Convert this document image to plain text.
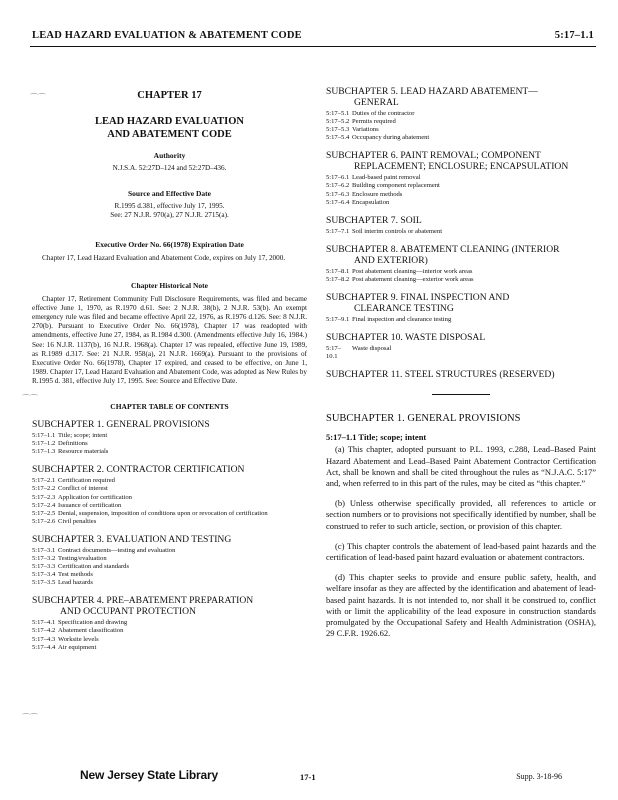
LEAD HAZARD EVALUATION & ABATEMENT CODE	5:17–1.1
⌒⌒
⌒⌒
⌒⌒
CHAPTER 17
LEAD HAZARD EVALUATION
AND ABATEMENT CODE
Authority
N.J.S.A. 52:27D–124 and 52:27D–436.
Source and Effective Date
R.1995 d.381, effective July 17, 1995.
See: 27 N.J.R. 970(a), 27 N.J.R. 2715(a).
Executive Order No. 66(1978) Expiration Date

Chapter 17, Lead Hazard Evaluation and Abatement Code, expires on July 17, 2000.

Chapter Historical Note

Chapter 17, Retirement Community Full Disclosure Requirements, was filed and became effective June 1, 1970, as R.1970 d.61. See: 2 N.J.R. 38(b), 2 N.J.R. 53(b). An exempt emergency rule was filed and became effective April 22, 1976, as R.1976 d.126. See: 8 N.J.R. 270(b). Pursuant to Executive Order No. 66(1978), Chapter 17 was readopted with amendments, effective June 27, 1984, as R.1984 d.300. (Amendments effective July 16, 1984.) See: 16 N.J.R. 1137(b), 16 N.J.R. 1968(a). Chapter 17 was repealed, effective June 19, 1989, as R.1989 d.317. See: 21 N.J.R. 958(a), 21 N.J.R. 1669(a). Pursuant to the provisions of Executive Order No. 66(1978), Chapter 17 expired, and ceased to be effective, on June 1, 1989. Chapter 17, Lead Hazard Evaluation and Abatement Code, was adopted as New Rules by R.1995 d. 381, effective July 17, 1995. See: Source and Effective Date.

CHAPTER TABLE OF CONTENTS
SUBCHAPTER 1. GENERAL PROVISIONS
5:17–1.1 Title; scope; intent
5:17–1.2 Definitions
5:17–1.3 Resource materials
SUBCHAPTER 2. CONTRACTOR CERTIFICATION
5:17–2.1 Certification required
5:17–2.2 Conflict of interest
5:17–2.3 Application for certification
5:17–2.4 Issuance of certification
5:17–2.5 Denial, suspension, imposition of conditions upon or revocation of certification
5:17–2.6 Civil penalties
SUBCHAPTER 3. EVALUATION AND TESTING
5:17–3.1 Contract documents—testing and evaluation
5:17–3.2 Testing/evaluation
5:17–3.3 Certification and standards
5:17–3.4 Test methods
5:17–3.5 Lead hazards
SUBCHAPTER 4. PRE–ABATEMENT PREPARATION
AND OCCUPANT PROTECTION
5:17–4.1 Specification and drawing
5:17–4.2 Abatement classification
5:17–4.3 Worksite levels
5:17–4.4 Air equipment
SUBCHAPTER 5. LEAD HAZARD ABATEMENT—
GENERAL
5:17–5.1 Duties of the contractor
5:17–5.2 Permits required
5:17–5.3 Variations
5:17–5.4 Occupancy during abatement
SUBCHAPTER 6. PAINT REMOVAL; COMPONENT
REPLACEMENT; ENCLOSURE; ENCAPSULATION
5:17–6.1 Lead-based paint removal
5:17–6.2 Building component replacement
5:17–6.3 Enclosure methods
5:17–6.4 Encapsulation
SUBCHAPTER 7. SOIL
5:17–7.1 Soil interim controls or abatement
SUBCHAPTER 8. ABATEMENT CLEANING (INTERIOR
AND EXTERIOR)
5:17–8.1 Post abatement cleaning—interior work areas
5:17–8.2 Post abatement cleaning—exterior work areas
SUBCHAPTER 9. FINAL INSPECTION AND
CLEARANCE TESTING
5:17–9.1 Final inspection and clearance testing
SUBCHAPTER 10. WASTE DISPOSAL
5:17–10.1
Waste disposal
SUBCHAPTER 11. STEEL STRUCTURES (RESERVED)
SUBCHAPTER 1. GENERAL PROVISIONS
5:17–1.1 Title; scope; intent

(a) This chapter, adopted pursuant to P.L. 1993, c.288, Lead–Based Paint Hazard Abatement and Lead–Based Paint Abatement Contractor Certification Act, shall be known and shall be cited throughout the rules as “N.J.A.C. 5:17” and, when referred to in this part of the rules, may be cited as “this chapter.”

(b) Unless otherwise specifically provided, all references to article or section numbers or to provisions not specifically identified by number, shall be construed to refer to such article, section, or provision of this chapter.

(c) This chapter controls the abatement of lead-based paint hazards and the certification of lead-based paint hazard evaluation or abatement contractors.

(d) This chapter seeks to provide and ensure public safety, health, and welfare insofar as they are affected by the identification and abatement of lead-based paint hazards. It is not intended to, nor shall it be construed to, conflict with or limit the applicability of the lead exposure in construction standards promulgated by the Occupational Safety and Health Administration (OSHA), 29 C.F.R. 1926.62.

New Jersey State Library	17-1	Supp. 3-18-96
